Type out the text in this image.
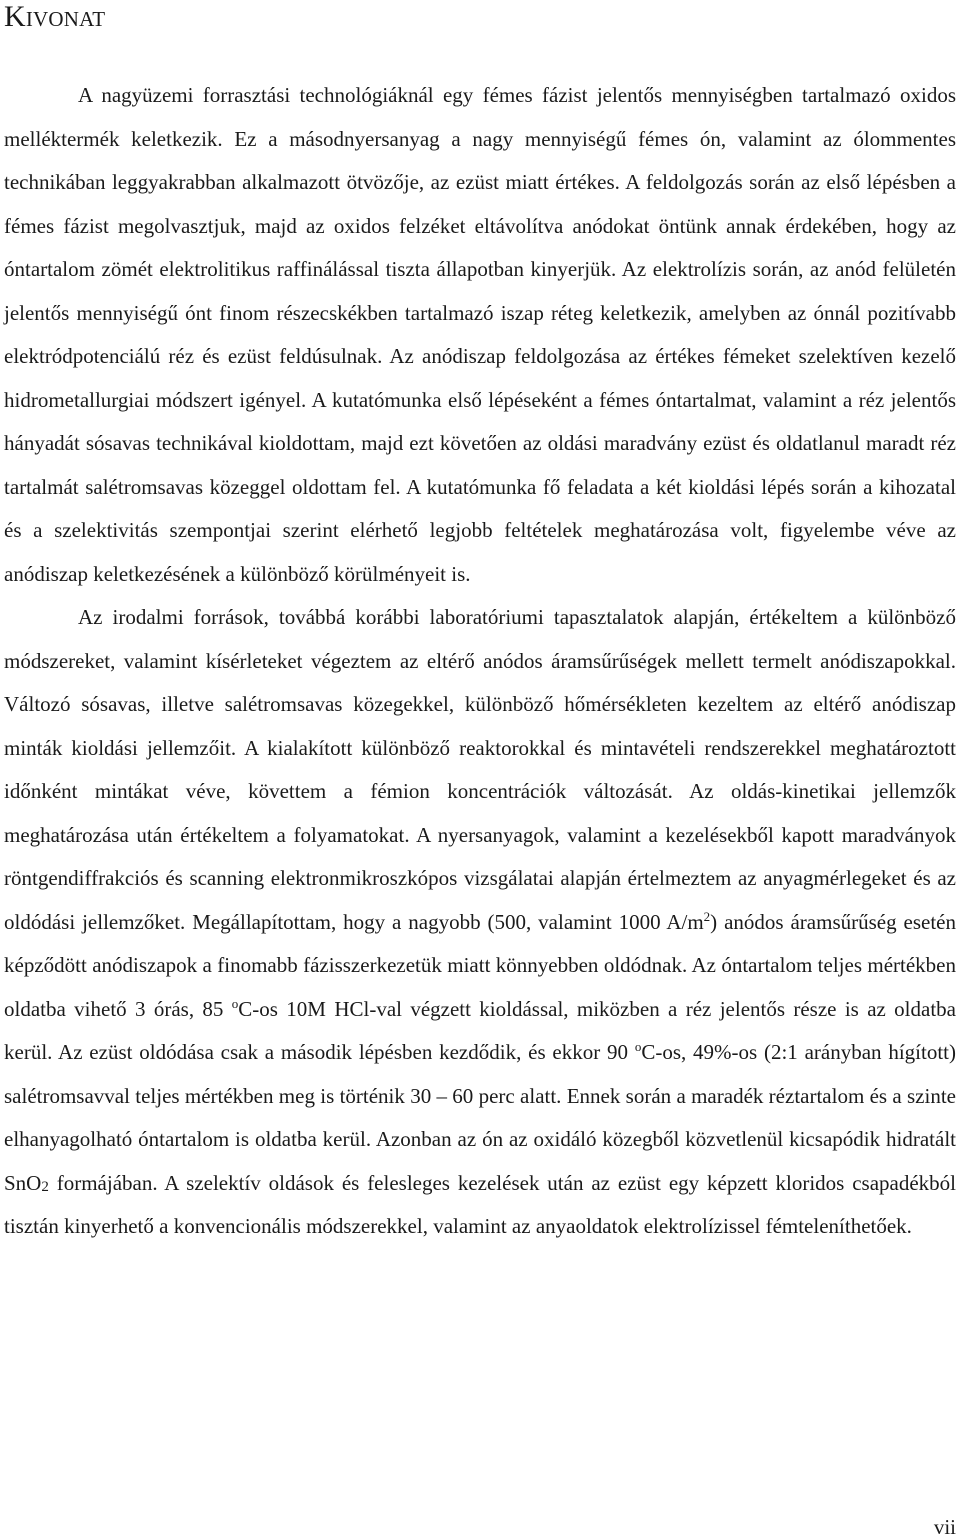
Kivonat

A nagyüzemi forrasztási technológiáknál egy fémes fázist jelentős mennyiségben tartalmazó oxidos melléktermék keletkezik. Ez a másodnyersanyag a nagy mennyiségű fémes ón, valamint az ólommentes technikában leggyakrabban alkalmazott ötvözője, az ezüst miatt értékes. A feldolgozás során az első lépésben a fémes fázist megolvasztjuk, majd az oxidos felzéket eltávolítva anódokat öntünk annak érdekében, hogy az óntartalom zömét elektrolitikus raffinálással tiszta állapotban kinyerjük. Az elektrolízis során, az anód felületén jelentős mennyiségű ónt finom részecskékben tartalmazó iszap réteg keletkezik, amelyben az ónnál pozitívabb elektródpotenciálú réz és ezüst feldúsulnak. Az anódiszap feldolgozása az értékes fémeket szelektíven kezelő hidrometallurgiai módszert igényel. A kutatómunka első lépéseként a fémes óntartalmat, valamint a réz jelentős hányadát sósavas technikával kioldottam, majd ezt követően az oldási maradvány ezüst és oldatlanul maradt réz tartalmát salétromsavas közeggel oldottam fel. A kutatómunka fő feladata a két kioldási lépés során a kihozatal és a szelektivitás szempontjai szerint elérhető legjobb feltételek meghatározása volt, figyelembe véve az anódiszap keletkezésének a különböző körülményeit is.

Az irodalmi források, továbbá korábbi laboratóriumi tapasztalatok alapján, értékeltem a különböző módszereket, valamint kísérleteket végeztem az eltérő anódos áramsűrűségek mellett termelt anódiszapokkal. Változó sósavas, illetve salétromsavas közegekkel, különböző hőmérsékleten kezeltem az eltérő anódiszap minták kioldási jellemzőit. A kialakított különböző reaktorokkal és mintavételi rendszerekkel meghatároztott időnként mintákat véve, követtem a fémion koncentrációk változását. Az oldás-kinetikai jellemzők meghatározása után értékeltem a folyamatokat. A nyersanyagok, valamint a kezelésekből kapott maradványok röntgendiffrakciós és scanning elektronmikroszkópos vizsgálatai alapján értelmeztem az anyagmérlegeket és az oldódási jellemzőket. Megállapítottam, hogy a nagyobb (500, valamint 1000 $A/m^2$) anódos áramsűrűség esetén képződött anódiszapok a finomabb fázisszerkezetük miatt könnyebben oldódnak. Az óntartalom teljes mértékben oldatba vihető 3 órás, 85 $^o$C-os 10M HCl-val végzett kioldással, miközben a réz jelentős része is az oldatba kerül. Az ezüst oldódása csak a második lépésben kezdődik, és ekkor 90 $^o$C-os, 49%-os (2:1 arányban hígított) salétromsavval teljes mértékben meg is történik 30 – 60 perc alatt. Ennek során a maradék réztartalom és a szinte elhanyagolható óntartalom is oldatba kerül. Azonban az ón az oxidáló közegből közvetlenül kicsapódik hidratált SnO$_2$ formájában. A szelektív oldások és felesleges kezelések után az ezüst egy képzett kloridos csapadékból tisztán kinyerhető a konvencionális módszerekkel, valamint az anyaoldatok elektrolízissel fémteleníthetőek.

vii
